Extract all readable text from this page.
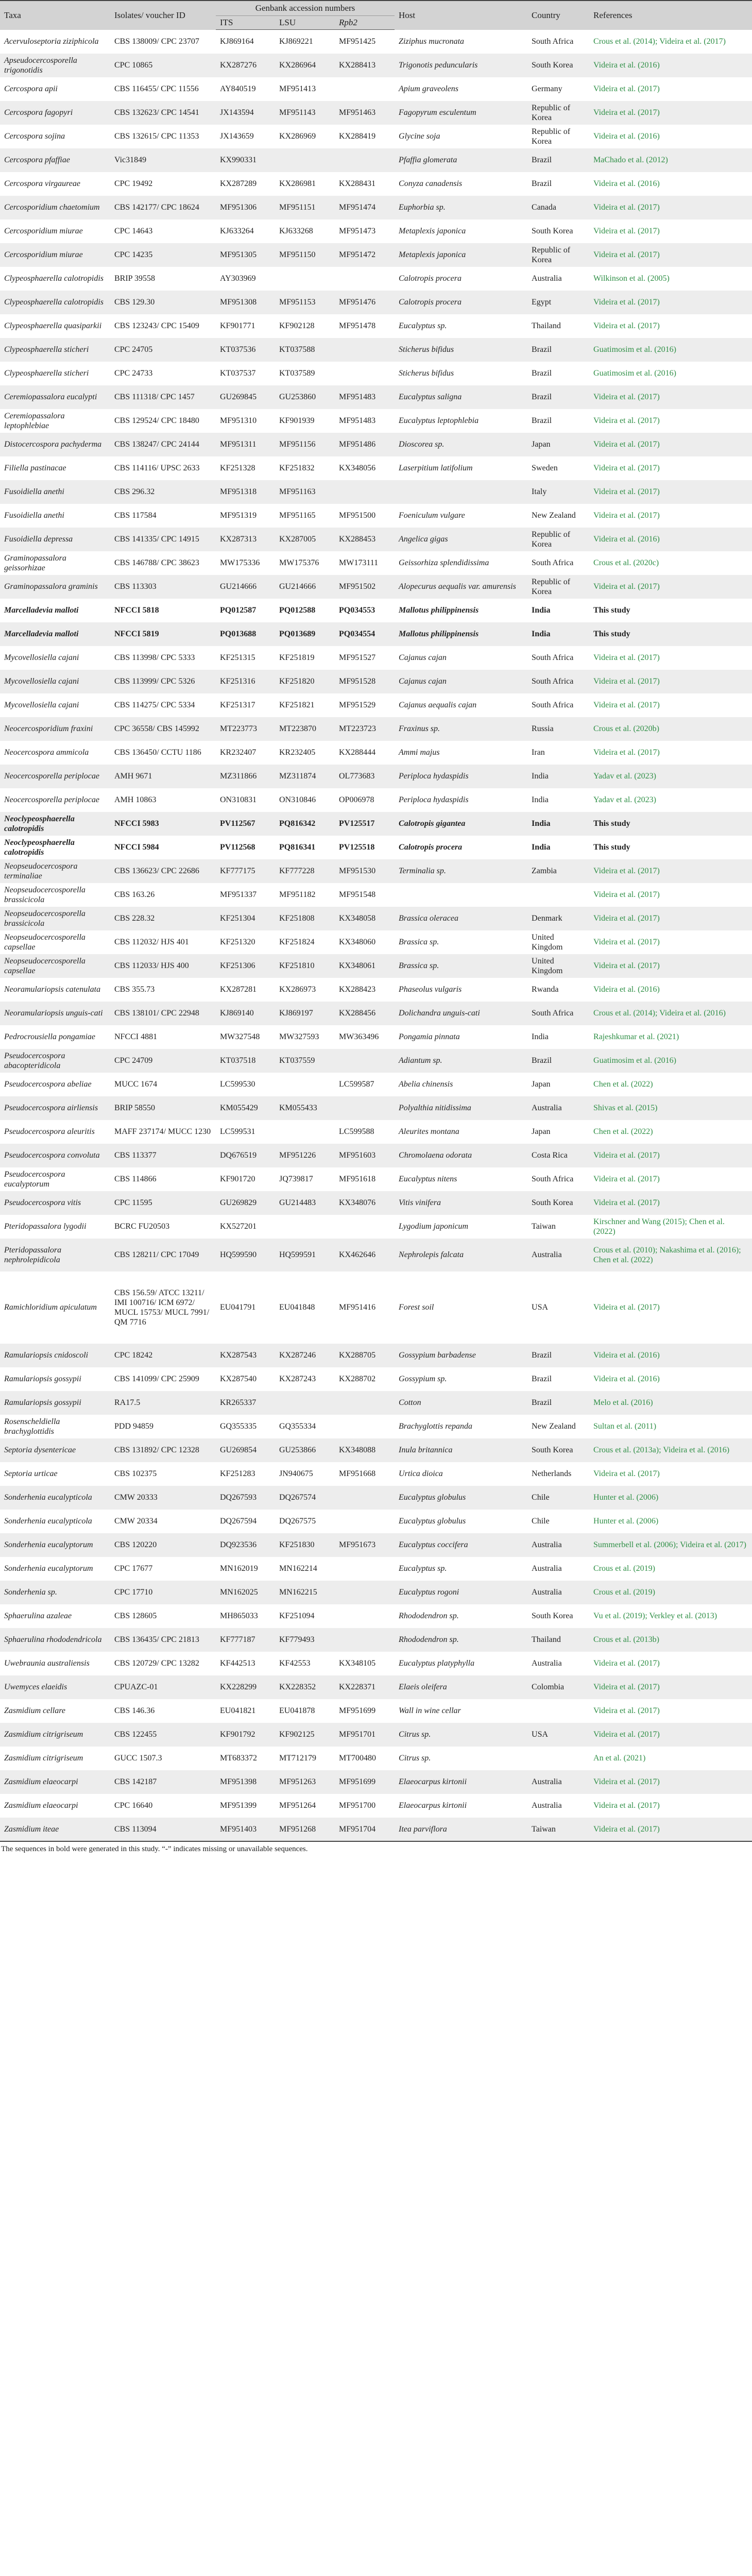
Taxa	Isolates/ voucher ID	Genbank accession numbers			Host	Country	References
		ITS	LSU	Rpb2			
Acervuloseptoria ziziphicola	CBS 138009/ CPC 23707	KJ869164	KJ869221	MF951425	Ziziphus mucronata	South Africa	Crous et al. (2014); Videira et al. (2017)
Apseudocercosporella trigonotidis	CPC 10865	KX287276	KX286964	KX288413	Trigonotis peduncularis	South Korea	Videira et al. (2016)
Cercospora apii	CBS 116455/ CPC 11556	AY840519	MF951413		Apium graveolens	Germany	Videira et al. (2017)
Cercospora fagopyri	CBS 132623/ CPC 14541	JX143594	MF951143	MF951463	Fagopyrum esculentum	Republic of Korea	Videira et al. (2017)
Cercospora sojina	CBS 132615/ CPC 11353	JX143659	KX286969	KX288419	Glycine soja	Republic of Korea	Videira et al. (2016)
Cercospora pfaffiae	Vic31849	KX990331			Pfaffia glomerata	Brazil	MaChado et al. (2012)
Cercospora virgaureae	CPC 19492	KX287289	KX286981	KX288431	Conyza canadensis	Brazil	Videira et al. (2016)
Cercosporidium chaetomium	CBS 142177/ CPC 18624	MF951306	MF951151	MF951474	Euphorbia sp.	Canada	Videira et al. (2017)
Cercosporidium miurae	CPC 14643	KJ633264	KJ633268	MF951473	Metaplexis japonica	South Korea	Videira et al. (2017)
Cercosporidium miurae	CPC 14235	MF951305	MF951150	MF951472	Metaplexis japonica	Republic of Korea	Videira et al. (2017)
Clypeosphaerella calotropidis	BRIP 39558	AY303969			Calotropis procera	Australia	Wilkinson et al. (2005)
Clypeosphaerella calotropidis	CBS 129.30	MF951308	MF951153	MF951476	Calotropis procera	Egypt	Videira et al. (2017)
Clypeosphaerella quasiparkii	CBS 123243/ CPC 15409	KF901771	KF902128	MF951478	Eucalyptus sp.	Thailand	Videira et al. (2017)
Clypeosphaerella sticheri	CPC 24705	KT037536	KT037588		Sticherus bifidus	Brazil	Guatimosim et al. (2016)
Clypeosphaerella sticheri	CPC 24733	KT037537	KT037589		Sticherus bifidus	Brazil	Guatimosim et al. (2016)
Ceremiopassalora eucalypti	CBS 111318/ CPC 1457	GU269845	GU253860	MF951483	Eucalyptus saligna	Brazil	Videira et al. (2017)
Ceremiopassalora leptophlebiae	CBS 129524/ CPC 18480	MF951310	KF901939	MF951483	Eucalyptus leptophlebia	Brazil	Videira et al. (2017)
Distocercospora pachyderma	CBS 138247/ CPC 24144	MF951311	MF951156	MF951486	Dioscorea sp.	Japan	Videira et al. (2017)
Filiella pastinacae	CBS 114116/ UPSC 2633	KF251328	KF251832	KX348056	Laserpitium latifolium	Sweden	Videira et al. (2017)
Fusoidiella anethi	CBS 296.32	MF951318	MF951163			Italy	Videira et al. (2017)
Fusoidiella anethi	CBS 117584	MF951319	MF951165	MF951500	Foeniculum vulgare	New Zealand	Videira et al. (2017)
Fusoidiella depressa	CBS 141335/ CPC 14915	KX287313	KX287005	KX288453	Angelica gigas	Republic of Korea	Videira et al. (2016)
Graminopassalora geissorhizae	CBS 146788/ CPC 38623	MW175336	MW175376	MW173111	Geissorhiza splendidissima	South Africa	Crous et al. (2020c)
Graminopassalora graminis	CBS 113303	GU214666	GU214666	MF951502	Alopecurus aequalis var. amurensis	Republic of Korea	Videira et al. (2017)
Marcelladevia malloti	NFCCI 5818	PQ012587	PQ012588	PQ034553	Mallotus philippinensis	India	This study
Marcelladevia malloti	NFCCI 5819	PQ013688	PQ013689	PQ034554	Mallotus philippinensis	India	This study
Mycovellosiella cajani	CBS 113998/ CPC 5333	KF251315	KF251819	MF951527	Cajanus cajan	South Africa	Videira et al. (2017)
Mycovellosiella cajani	CBS 113999/ CPC 5326	KF251316	KF251820	MF951528	Cajanus cajan	South Africa	Videira et al. (2017)
Mycovellosiella cajani	CBS 114275/ CPC 5334	KF251317	KF251821	MF951529	Cajanus aequalis cajan	South Africa	Videira et al. (2017)
Neocercosporidium fraxini	CPC 36558/ CBS 145992	MT223773	MT223870	MT223723	Fraxinus sp.	Russia	Crous et al. (2020b)
Neocercospora ammicola	CBS 136450/ CCTU 1186	KR232407	KR232405	KX288444	Ammi majus	Iran	Videira et al. (2017)
Neocercosporella periplocae	AMH 9671	MZ311866	MZ311874	OL773683	Periploca hydaspidis	India	Yadav et al. (2023)
Neocercosporella periplocae	AMH 10863	ON310831	ON310846	OP006978	Periploca hydaspidis	India	Yadav et al. (2023)
Neoclypeosphaerella calotropidis	NFCCI 5983	PV112567	PQ816342	PV125517	Calotropis gigantea	India	This study
Neoclypeosphaerella calotropidis	NFCCI 5984	PV112568	PQ816341	PV125518	Calotropis procera	India	This study
Neopseudocercospora terminaliae	CBS 136623/ CPC 22686	KF777175	KF777228	MF951530	Terminalia sp.	Zambia	Videira et al. (2017)
Neopseudocercosporella brassicicola	CBS 163.26	MF951337	MF951182	MF951548			Videira et al. (2017)
Neopseudocercosporella brassicicola	CBS 228.32	KF251304	KF251808	KX348058	Brassica oleracea	Denmark	Videira et al. (2017)
Neopseudocercosporella capsellae	CBS 112032/ HJS 401	KF251320	KF251824	KX348060	Brassica sp.	United Kingdom	Videira et al. (2017)
Neopseudocercosporella capsellae	CBS 112033/ HJS 400	KF251306	KF251810	KX348061	Brassica sp.	United Kingdom	Videira et al. (2017)
Neoramulariopsis catenulata	CBS 355.73	KX287281	KX286973	KX288423	Phaseolus vulgaris	Rwanda	Videira et al. (2016)
Neoramulariopsis unguis-cati	CBS 138101/ CPC 22948	KJ869140	KJ869197	KX288456	Dolichandra unguis-cati	South Africa	Crous et al. (2014); Videira et al. (2016)
Pedrocrousiella pongamiae	NFCCI 4881	MW327548	MW327593	MW363496	Pongamia pinnata	India	Rajeshkumar et al. (2021)
Pseudocercospora abacopteridicola	CPC 24709	KT037518	KT037559		Adiantum sp.	Brazil	Guatimosim et al. (2016)
Pseudocercospora abeliae	MUCC 1674	LC599530		LC599587	Abelia chinensis	Japan	Chen et al. (2022)
Pseudocercospora airliensis	BRIP 58550	KM055429	KM055433		Polyalthia nitidissima	Australia	Shivas et al. (2015)
Pseudocercospora aleuritis	MAFF 237174/ MUCC 1230	LC599531		LC599588	Aleurites montana	Japan	Chen et al. (2022)
Pseudocercospora convoluta	CBS 113377	DQ676519	MF951226	MF951603	Chromolaena odorata	Costa Rica	Videira et al. (2017)
Pseudocercospora eucalyptorum	CBS 114866	KF901720	JQ739817	MF951618	Eucalyptus nitens	South Africa	Videira et al. (2017)
Pseudocercospora vitis	CPC 11595	GU269829	GU214483	KX348076	Vitis vinifera	South Korea	Videira et al. (2017)
Pteridopassalora lygodii	BCRC FU20503	KX527201			Lygodium japonicum	Taiwan	Kirschner and Wang (2015); Chen et al. (2022)
Pteridopassalora nephrolepidicola	CBS 128211/ CPC 17049	HQ599590	HQ599591	KX462646	Nephrolepis falcata	Australia	Crous et al. (2010); Nakashima et al. (2016); Chen et al. (2022)
Ramichloridium apiculatum	CBS 156.59/ ATCC 13211/ IMI 100716/ ICM 6972/ MUCL 15753/ MUCL 7991/ QM 7716	EU041791	EU041848	MF951416	Forest soil	USA	Videira et al. (2017)
Ramulariopsis cnidoscoli	CPC 18242	KX287543	KX287246	KX288705	Gossypium barbadense	Brazil	Videira et al. (2016)
Ramulariopsis gossypii	CBS 141099/ CPC 25909	KX287540	KX287243	KX288702	Gossypium sp.	Brazil	Videira et al. (2016)
Ramulariopsis gossypii	RA17.5	KR265337			Cotton	Brazil	Melo et al. (2016)
Rosenscheldiella brachyglottidis	PDD 94859	GQ355335	GQ355334		Brachyglottis repanda	New Zealand	Sultan et al. (2011)
Septoria dysentericae	CBS 131892/ CPC 12328	GU269854	GU253866	KX348088	Inula britannica	South Korea	Crous et al. (2013a); Videira et al. (2016)
Septoria urticae	CBS 102375	KF251283	JN940675	MF951668	Urtica dioica	Netherlands	Videira et al. (2017)
Sonderhenia eucalypticola	CMW 20333	DQ267593	DQ267574		Eucalyptus globulus	Chile	Hunter et al. (2006)
Sonderhenia eucalypticola	CMW 20334	DQ267594	DQ267575		Eucalyptus globulus	Chile	Hunter et al. (2006)
Sonderhenia eucalyptorum	CBS 120220	DQ923536	KF251830	MF951673	Eucalyptus coccifera	Australia	Summerbell et al. (2006); Videira et al. (2017)
Sonderhenia eucalyptorum	CPC 17677	MN162019	MN162214		Eucalyptus sp.	Australia	Crous et al. (2019)
Sonderhenia sp.	CPC 17710	MN162025	MN162215		Eucalyptus rogoni	Australia	Crous et al. (2019)
Sphaerulina azaleae	CBS 128605	MH865033	KF251094		Rhododendron sp.	South Korea	Vu et al. (2019); Verkley et al. (2013)
Sphaerulina rhododendricola	CBS 136435/ CPC 21813	KF777187	KF779493		Rhododendron sp.	Thailand	Crous et al. (2013b)
Uwebraunia australiensis	CBS 120729/ CPC 13282	KF442513	KF42553	KX348105	Eucalyptus platyphylla	Australia	Videira et al. (2017)
Uwemyces elaeidis	CPUAZC-01	KX228299	KX228352	KX228371	Elaeis oleifera	Colombia	Videira et al. (2017)
Zasmidium cellare	CBS 146.36	EU041821	EU041878	MF951699	Wall in wine cellar		Videira et al. (2017)
Zasmidium citrigriseum	CBS 122455	KF901792	KF902125	MF951701	Citrus sp.	USA	Videira et al. (2017)
Zasmidium citrigriseum	GUCC 1507.3	MT683372	MT712179	MT700480	Citrus sp.		An et al. (2021)
Zasmidium elaeocarpi	CBS 142187	MF951398	MF951263	MF951699	Elaeocarpus kirtonii	Australia	Videira et al. (2017)
Zasmidium elaeocarpi	CPC 16640	MF951399	MF951264	MF951700	Elaeocarpus kirtonii	Australia	Videira et al. (2017)
Zasmidium iteae	CBS 113094	MF951403	MF951268	MF951704	Itea parviflora	Taiwan	Videira et al. (2017)
The sequences in bold were generated in this study. “-” indicates missing or unavailable sequences.
